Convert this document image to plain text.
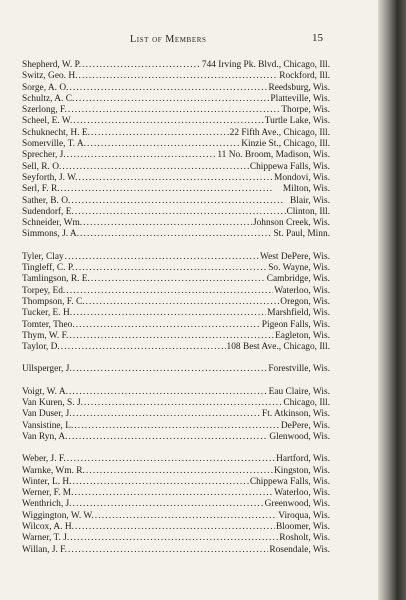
List of Members	15
Shepherd, W. P. . . .	744 Irving Pk. Blvd., Chicago, Ill.
Switz, Geo. H. . . .	Rockford, Ill.
Sorge, A. O. . . .	Reedsburg, Wis.
Schultz, A. C. . . .	Platteville, Wis.
Szerlong, F. . . .	Thorpe, Wis.
Scheel, E. W. . . .	Turtle Lake, Wis.
Schuknecht, H. E. . . .	22 Fifth Ave., Chicago, Ill.
Somerville, T. A. . . .	Kinzie St., Chicago, Ill.
Sprecher, J. . . .	11 No. Broom, Madison, Wis.
Sell, R. O. . . .	Chippewa Falls, Wis.
Seyforth, J. W. . . .	Mondovi, Wis.
Serl, F. R. . . .	Milton, Wis.
Sather, B. O. . . .	Blair, Wis.
Sudendorf, E. . . .	Clinton, Ill.
Schneider, Wm. . . .	Johnson Creek, Wis.
Simmons, J. A. . . .	St. Paul, Minn.
Tyler, Clay . . .	West DePere, Wis.
Tingleff, C. P. . . .	So. Wayne, Wis.
Tamlingson, R. E. . . .	Cambridge, Wis.
Torpey, Ed. . . .	Waterloo, Wis.
Thompson, F. C. . . .	Oregon, Wis.
Tucker, E. H. . . .	Marshfield, Wis.
Tomter, Theo. . . .	Pigeon Falls, Wis.
Thym, W. F. . . .	Eagleton, Wis.
Taylor, D. . . .	108 Best Ave., Chicago, Ill.
Ullsperger, J. . . .	Forestville, Wis.
Voigt, W. A. . . .	Eau Claire, Wis.
Van Kuren, S. J. . . .	Chicago, Ill.
Van Duser, J. . . .	Ft. Atkinson, Wis.
Vansistine, L. . . .	DePere, Wis.
Van Ryn, A. . . .	Glenwood, Wis.
Weber, J. F. . . .	Hartford, Wis.
Warnke, Wm. R. . . .	Kingston, Wis.
Winter, L. H. . . .	Chippewa Falls, Wis.
Werner, F. M. . . .	Waterloo, Wis.
Wenthrich, J. . . .	Greenwood, Wis.
Wiggington, W. W. . . .	Viroqua, Wis.
Wilcox, A. H. . . .	Bloomer, Wis.
Warner, T. J. . . .	Rosholt, Wis.
Willan, J. F. . . .	Rosendale, Wis.
